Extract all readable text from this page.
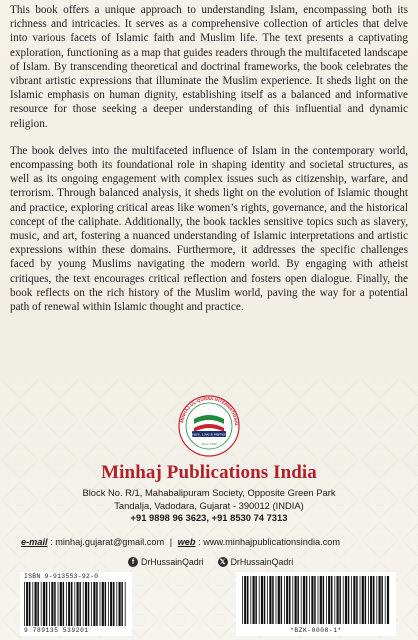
This book offers a unique approach to understanding Islam, encompassing both its richness and intricacies. It serves as a comprehensive collection of articles that delve into various facets of Islamic faith and Muslim life. The text presents a captivating exploration, functioning as a map that guides readers through the multifaceted landscape of Islam. By transcending theoretical and doctrinal frameworks, the book celebrates the vibrant artistic expressions that illuminate the Muslim experience. It sheds light on the Islamic emphasis on human dignity, establishing itself as a balanced and informative resource for those seeking a deeper understanding of this influential and dynamic religion.

The book delves into the multifaceted influence of Islam in the contemporary world, encompassing both its foundational role in shaping identity and societal structures, as well as its ongoing engagement with complex issues such as citizenship, warfare, and terrorism. Through balanced analysis, it sheds light on the evolution of Islamic thought and practice, exploring critical areas like women’s rights, governance, and the historical concept of the caliphate. Additionally, the book tackles sensitive topics such as slavery, music, and art, fostering a nuanced understanding of Islamic interpretations and artistic expressions within these domains. Furthermore, it addresses the specific challenges faced by young Muslims navigating the modern world. By engaging with atheist critiques, the text encourages critical reflection and fosters open dialogue. Finally, the book reflects on the rich history of the Muslim world, paving the way for a potential path of renewal within Islamic thought and practice.

MINHAJ-UL-QURAN INTERNATIONAL
Peace, Love & Harmony
Since 1980
Minhaj Publications India
Block No. R/1, Mahabalipuram Society, Opposite Green Park
Tandalja, Vadodara, Gujarat - 390012 (INDIA)
+91 9898 96 3623, +91 8530 74 7313
e-mail : minhaj.gujarat@gmail.com | web : www.minhajpublicationsindia.com
f DrHussainQadri	𝕏 DrHussainQadri
ISBN 9-913553-92-0
9 789135 539201	*BZK-0008-1*
